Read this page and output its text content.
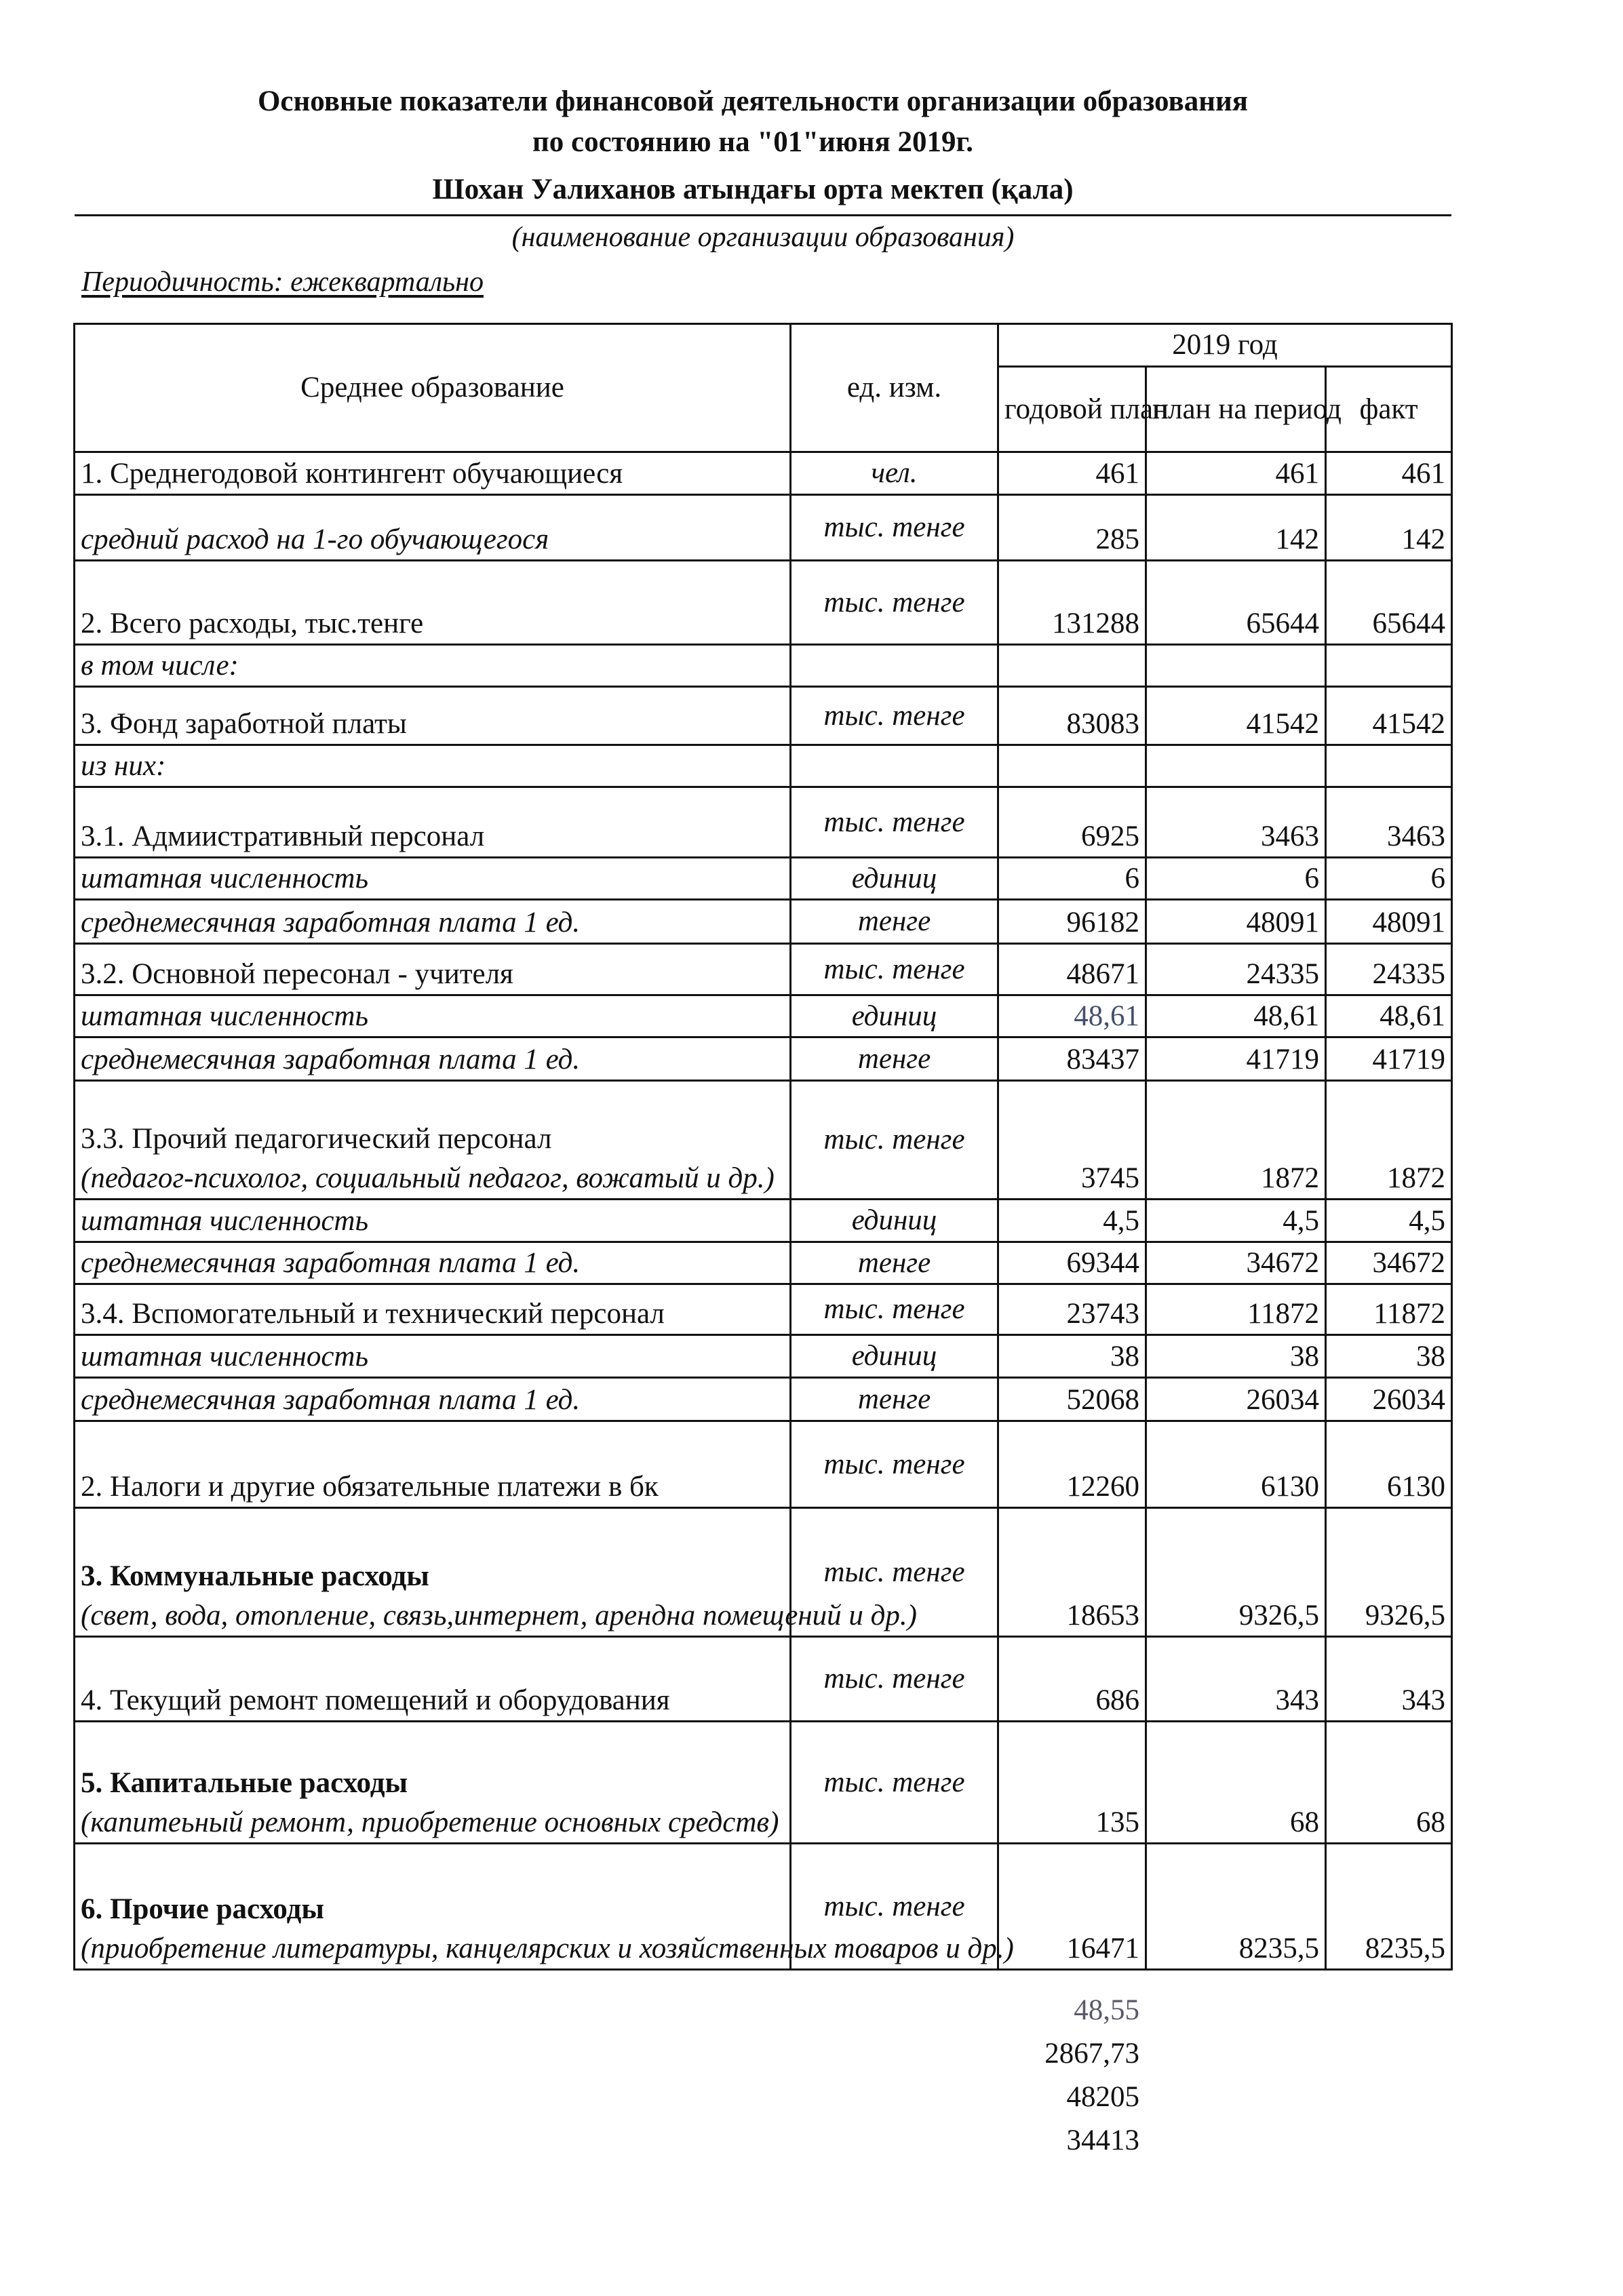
Основные показатели финансовой деятельности организации образования
по состоянию на "01"июня 2019г.
Шохан Уалиханов атындағы орта мектеп (қала)
(наименование организации образования)
Периодичность: ежеквартально
Среднее образование	ед. изм.	2019 год		
		годовой план	план на период	факт
1. Среднегодовой контингент обучающиеся	чел.	461	461	461
средний расход на 1-го обучающегося	тыс. тенге	285	142	142
2. Всего расходы, тыс.тенге	тыс. тенге	131288	65644	65644
в том числе:				
3. Фонд заработной платы	тыс. тенге	83083	41542	41542
из них:				
3.1. Адмиистративный персонал	тыс. тенге	6925	3463	3463
штатная численность	единиц	6	6	6
среднемесячная заработная плата 1 ед.	тенге	96182	48091	48091
3.2. Основной пересонал - учителя	тыс. тенге	48671	24335	24335
штатная численность	единиц	48,61	48,61	48,61
среднемесячная заработная плата 1 ед.	тенге	83437	41719	41719
3.3. Прочий педагогический персонал
(педагог-психолог, социальный педагог, вожатый и др.)	тыс. тенге	3745	1872	1872
штатная численность	единиц	4,5	4,5	4,5
среднемесячная заработная плата 1 ед.	тенге	69344	34672	34672
3.4. Вспомогательный и технический персонал	тыс. тенге	23743	11872	11872
штатная численность	единиц	38	38	38
среднемесячная заработная плата 1 ед.	тенге	52068	26034	26034
2. Налоги и другие обязательные платежи в бк	тыс. тенге	12260	6130	6130
3. Коммунальные расходы
(свет, вода, отопление, связь,интернет, арендна помещений и др.)	тыс. тенге	18653	9326,5	9326,5
4. Текущий ремонт помещений и оборудования	тыс. тенге	686	343	343
5. Капитальные расходы
(капитеьный ремонт, приобретение основных средств)	тыс. тенге	135	68	68
6. Прочие расходы
(приобретение литературы, канцелярских и хозяйственных товаров и др.)	тыс. тенге	16471	8235,5	8235,5
48,55
2867,73
48205
34413
